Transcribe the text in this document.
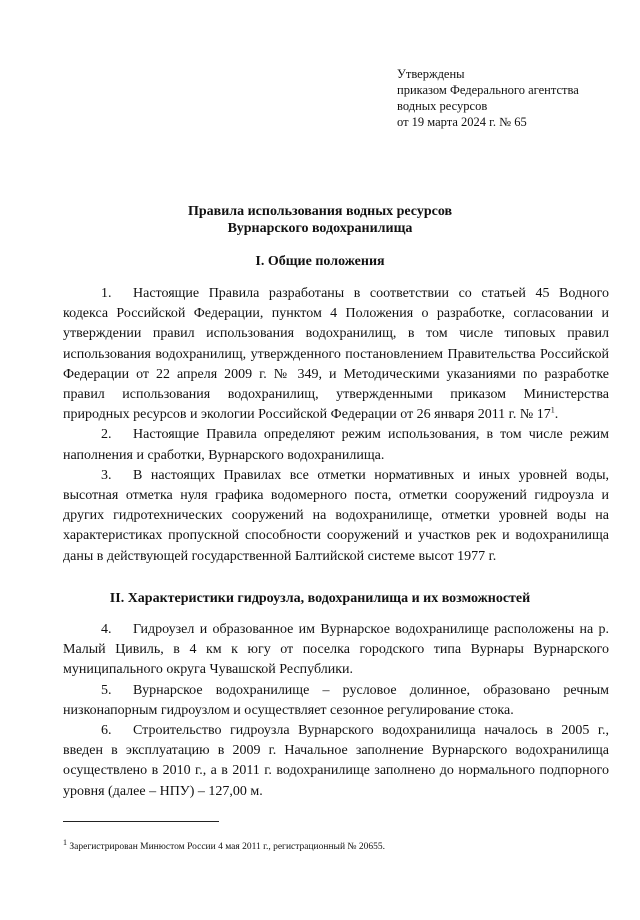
Утверждены
приказом Федерального агентства
водных ресурсов
от 19 марта 2024 г. № 65
Правила использования водных ресурсов
Вурнарского водохранилища
I. Общие положения
1. Настоящие Правила разработаны в соответствии со статьей 45 Водного кодекса Российской Федерации, пунктом 4 Положения о разработке, согласовании и утверждении правил использования водохранилищ, в том числе типовых правил использования водохранилищ, утвержденного постановлением Правительства Российской Федерации от 22 апреля 2009 г. № 349, и Методическими указаниями по разработке правил использования водохранилищ, утвержденными приказом Министерства природных ресурсов и экологии Российской Федерации от 26 января 2011 г. № $17^1$.
2. Настоящие Правила определяют режим использования, в том числе режим наполнения и сработки, Вурнарского водохранилища.
3. В настоящих Правилах все отметки нормативных и иных уровней воды, высотная отметка нуля графика водомерного поста, отметки сооружений гидроузла и других гидротехнических сооружений на водохранилище, отметки уровней воды на характеристиках пропускной способности сооружений и участков рек и водохранилища даны в действующей государственной Балтийской системе высот 1977 г.
II. Характеристики гидроузла, водохранилища и их возможностей
4. Гидроузел и образованное им Вурнарское водохранилище расположены на р. Малый Цивиль, в 4 км к югу от поселка городского типа Вурнары Вурнарского муниципального округа Чувашской Республики.
5. Вурнарское водохранилище – русловое долинное, образовано речным низконапорным гидроузлом и осуществляет сезонное регулирование стока.
6. Строительство гидроузла Вурнарского водохранилища началось в 2005 г., введен в эксплуатацию в 2009 г. Начальное заполнение Вурнарского водохранилища осуществлено в 2010 г., а в 2011 г. водохранилище заполнено до нормального подпорного уровня (далее – НПУ) – 127,00 м.
$^1$ Зарегистрирован Минюстом России 4 мая 2011 г., регистрационный № 20655.
